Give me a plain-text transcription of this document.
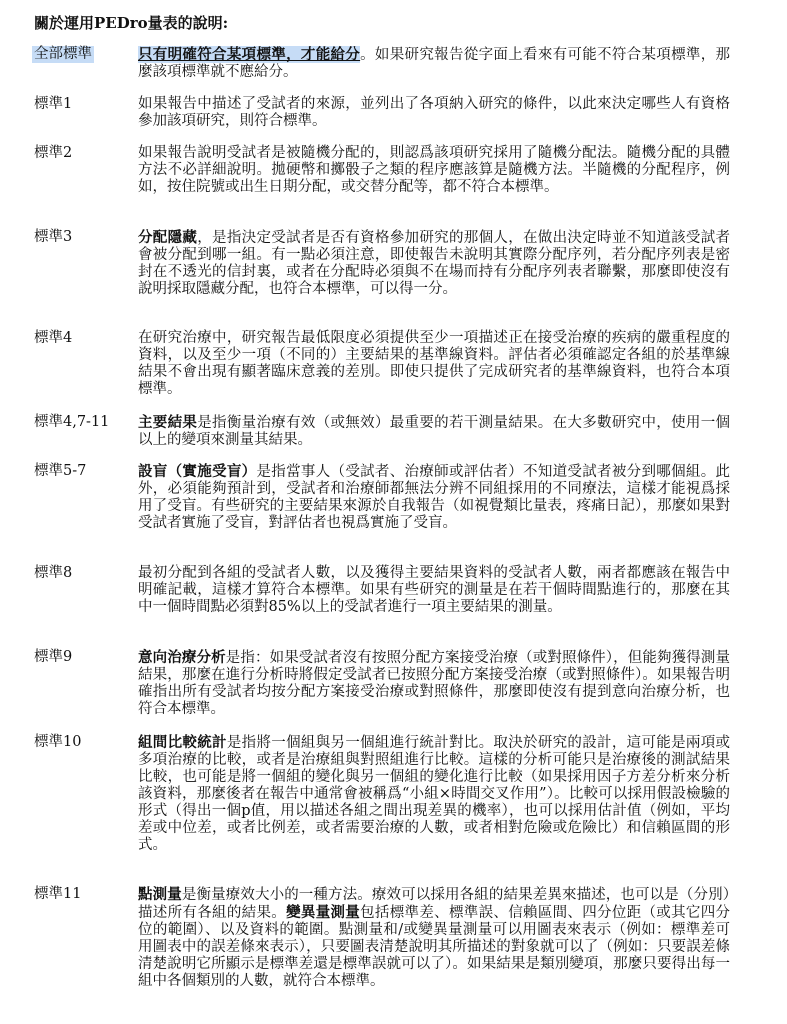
關於運用PEDro量表的說明:
全部標準	只有明確符合某項標準，才能給分。如果研究報告從字面上看來有可能不符合某項標準，那麼該項標準就不應給分。
標準1	如果報告中描述了受試者的來源，並列出了各項納入研究的條件，以此來決定哪些人有資格參加該項研究，則符合標準。
標準2	如果報告說明受試者是被隨機分配的，則認爲該項研究採用了隨機分配法。隨機分配的具體方法不必詳細說明。拋硬幣和擲骰子之類的程序應該算是隨機方法。半隨機的分配程序，例如，按住院號或出生日期分配，或交替分配等，都不符合本標準。
標準3	分配隱藏，是指決定受試者是否有資格參加研究的那個人，在做出決定時並不知道該受試者會被分配到哪一組。有一點必須注意，即使報告未說明其實際分配序列，若分配序列表是密封在不透光的信封裏，或者在分配時必須與不在場而持有分配序列表者聯繫，那麼即使沒有說明採取隱藏分配，也符合本標準，可以得一分。
標準4	在研究治療中，研究報告最低限度必須提供至少一項描述正在接受治療的疾病的嚴重程度的資料，以及至少一項（不同的）主要結果的基準線資料。評估者必須確認定各組的於基準線結果不會出現有顯著臨床意義的差別。即使只提供了完成研究者的基準線資料，也符合本項標準。
標準4,7-11 主要結果是指衡量治療有效（或無效）最重要的若干測量結果。在大多數研究中，使用一個以上的變項來測量其結果。
標準5-7	設盲（實施受盲）是指當事人（受試者、治療師或評估者）不知道受試者被分到哪個組。此外，必須能夠預計到，受試者和治療師都無法分辨不同組採用的不同療法，這樣才能視爲採用了受盲。有些研究的主要結果來源於自我報告（如視覺類比量表，疼痛日記），那麼如果對受試者實施了受盲，對評估者也視爲實施了受盲。
標準8	最初分配到各組的受試者人數，以及獲得主要結果資料的受試者人數，兩者都應該在報告中明確記載，這樣才算符合本標準。如果有些研究的測量是在若干個時間點進行的，那麼在其中一個時間點必須對85%以上的受試者進行一項主要結果的測量。
標準9	意向治療分析是指：如果受試者沒有按照分配方案接受治療（或對照條件），但能夠獲得測量結果，那麼在進行分析時將假定受試者已按照分配方案接受治療（或對照條件）。如果報告明確指出所有受試者均按分配方案接受治療或對照條件，那麼即使沒有提到意向治療分析，也符合本標準。
標準10	組間比較統計是指將一個組與另一個組進行統計對比。取決於研究的設計，這可能是兩項或多項治療的比較，或者是治療組與對照組進行比較。這樣的分析可能只是治療後的測試結果比較，也可能是將一個組的變化與另一個組的變化進行比較（如果採用因子方差分析來分析該資料，那麼後者在報告中通常會被稱爲“小組×時間交叉作用”）。比較可以採用假設檢驗的形式（得出一個p值，用以描述各組之間出現差異的機率），也可以採用估計值（例如，平均差或中位差，或者比例差，或者需要治療的人數，或者相對危險或危險比）和信賴區間的形式。
標準11	點測量是衡量療效大小的一種方法。療效可以採用各組的結果差異來描述，也可以是（分別）描述所有各組的結果。變異量測量包括標準差、標準誤、信賴區間、四分位距（或其它四分位的範圍）、以及資料的範圍。點測量和/或變異量測量可以用圖表來表示（例如：標準差可用圖表中的誤差條來表示），只要圖表清楚說明其所描述的對象就可以了（例如：只要誤差條清楚說明它所顯示是標準差還是標準誤就可以了）。如果結果是類別變項，那麼只要得出每一組中各個類別的人數，就符合本標準。
